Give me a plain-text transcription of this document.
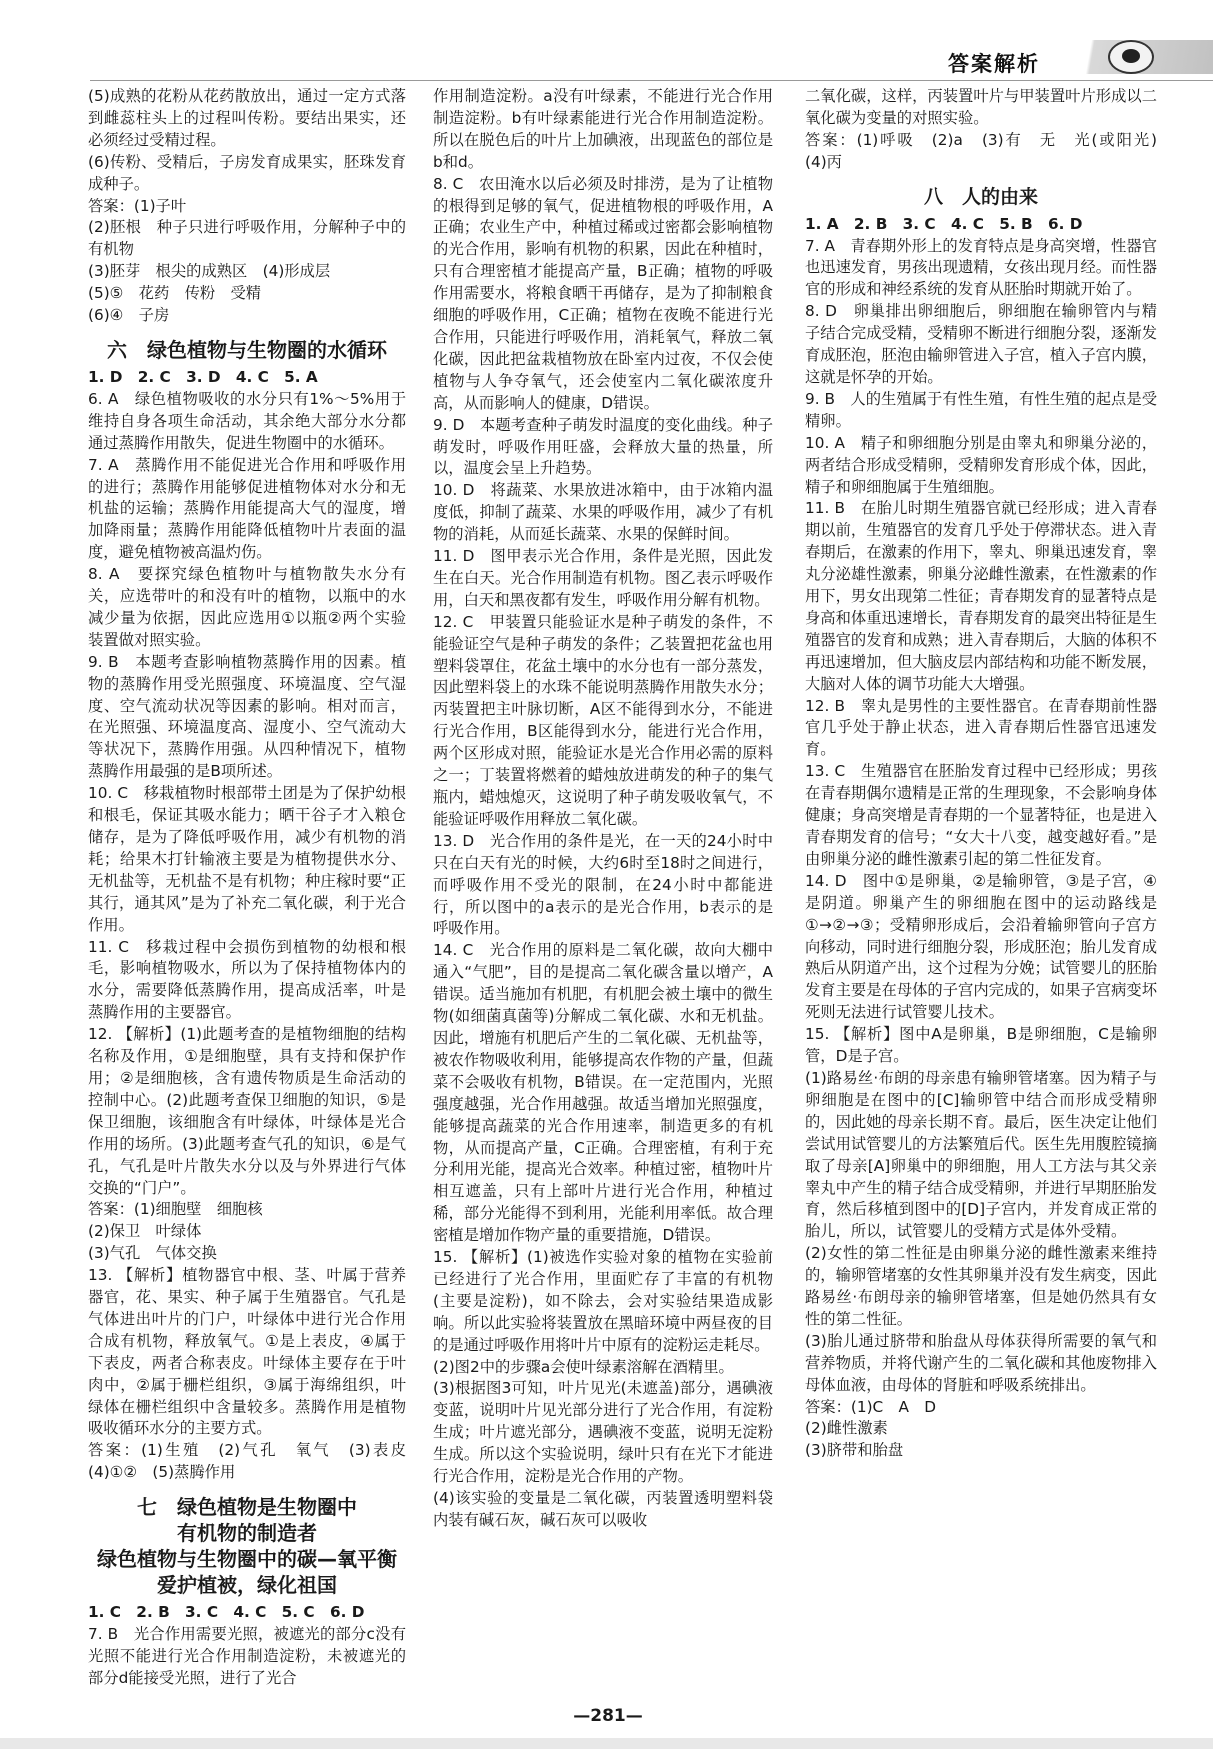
答案解析

(5)成熟的花粉从花药散放出，通过一定方式落到雌蕊柱头上的过程叫传粉。要结出果实，还必须经过受精过程。

(6)传粉、受精后，子房发育成果实，胚珠发育成种子。

答案：(1)子叶

(2)胚根　种子只进行呼吸作用，分解种子中的有机物

(3)胚芽　根尖的成熟区　(4)形成层

(5)⑤　花药　传粉　受精

(6)④　子房

六　绿色植物与生物圈的水循环

1. D　2. C　3. D　4. C　5. A

6. A　绿色植物吸收的水分只有1%～5%用于维持自身各项生命活动，其余绝大部分水分都通过蒸腾作用散失，促进生物圈中的水循环。

7. A　蒸腾作用不能促进光合作用和呼吸作用的进行；蒸腾作用能够促进植物体对水分和无机盐的运输；蒸腾作用能提高大气的湿度，增加降雨量；蒸腾作用能降低植物叶片表面的温度，避免植物被高温灼伤。

8. A　要探究绿色植物叶与植物散失水分有关，应选带叶的和没有叶的植物，以瓶中的水减少量为依据，因此应选用①以瓶②两个实验装置做对照实验。

9. B　本题考查影响植物蒸腾作用的因素。植物的蒸腾作用受光照强度、环境温度、空气湿度、空气流动状况等因素的影响。相对而言，在光照强、环境温度高、湿度小、空气流动大等状况下，蒸腾作用强。从四种情况下，植物蒸腾作用最强的是B项所述。

10. C　移栽植物时根部带土团是为了保护幼根和根毛，保证其吸水能力；晒干谷子才入粮仓储存，是为了降低呼吸作用，减少有机物的消耗；给果木打针输液主要是为植物提供水分、无机盐等，无机盐不是有机物；种庄稼时要“正其行，通其风”是为了补充二氧化碳，利于光合作用。

11. C　移栽过程中会损伤到植物的幼根和根毛，影响植物吸水，所以为了保持植物体内的水分，需要降低蒸腾作用，提高成活率，叶是蒸腾作用的主要器官。

12. 【解析】(1)此题考查的是植物细胞的结构名称及作用，①是细胞壁，具有支持和保护作用；②是细胞核，含有遗传物质是生命活动的控制中心。(2)此题考查保卫细胞的知识，⑤是保卫细胞，该细胞含有叶绿体，叶绿体是光合作用的场所。(3)此题考查气孔的知识，⑥是气孔，气孔是叶片散失水分以及与外界进行气体交换的“门户”。

答案：(1)细胞壁　细胞核

(2)保卫　叶绿体

(3)气孔　气体交换

13. 【解析】植物器官中根、茎、叶属于营养器官，花、果实、种子属于生殖器官。气孔是气体进出叶片的门户，叶绿体中进行光合作用合成有机物，释放氧气。①是上表皮，④属于下表皮，两者合称表皮。叶绿体主要存在于叶肉中，②属于栅栏组织，③属于海绵组织，叶绿体在栅栏组织中含量较多。蒸腾作用是植物吸收循环水分的主要方式。

答案：(1)生殖　(2)气孔　氧气　(3)表皮　(4)①②　(5)蒸腾作用

七　绿色植物是生物圈中
有机物的制造者
绿色植物与生物圈中的碳—氧平衡
爱护植被，绿化祖国

1. C　2. B　3. C　4. C　5. C　6. D

7. B　光合作用需要光照，被遮光的部分c没有光照不能进行光合作用制造淀粉，未被遮光的部分d能接受光照，进行了光合

作用制造淀粉。a没有叶绿素，不能进行光合作用制造淀粉。b有叶绿素能进行光合作用制造淀粉。所以在脱色后的叶片上加碘液，出现蓝色的部位是b和d。

8. C　农田淹水以后必须及时排涝，是为了让植物的根得到足够的氧气，促进植物根的呼吸作用，A正确；农业生产中，种植过稀或过密都会影响植物的光合作用，影响有机物的积累，因此在种植时，只有合理密植才能提高产量，B正确；植物的呼吸作用需要水，将粮食晒干再储存，是为了抑制粮食细胞的呼吸作用，C正确；植物在夜晚不能进行光合作用，只能进行呼吸作用，消耗氧气，释放二氧化碳，因此把盆栽植物放在卧室内过夜，不仅会使植物与人争夺氧气，还会使室内二氧化碳浓度升高，从而影响人的健康，D错误。

9. D　本题考查种子萌发时温度的变化曲线。种子萌发时，呼吸作用旺盛，会释放大量的热量，所以，温度会呈上升趋势。

10. D　将蔬菜、水果放进冰箱中，由于冰箱内温度低，抑制了蔬菜、水果的呼吸作用，减少了有机物的消耗，从而延长蔬菜、水果的保鲜时间。

11. D　图甲表示光合作用，条件是光照，因此发生在白天。光合作用制造有机物。图乙表示呼吸作用，白天和黑夜都有发生，呼吸作用分解有机物。

12. C　甲装置只能验证水是种子萌发的条件，不能验证空气是种子萌发的条件；乙装置把花盆也用塑料袋罩住，花盆土壤中的水分也有一部分蒸发，因此塑料袋上的水珠不能说明蒸腾作用散失水分；丙装置把主叶脉切断，A区不能得到水分，不能进行光合作用，B区能得到水分，能进行光合作用，两个区形成对照，能验证水是光合作用必需的原料之一；丁装置将燃着的蜡烛放进萌发的种子的集气瓶内，蜡烛熄灭，这说明了种子萌发吸收氧气，不能验证呼吸作用释放二氧化碳。

13. D　光合作用的条件是光，在一天的24小时中只在白天有光的时候，大约6时至18时之间进行，而呼吸作用不受光的限制，在24小时中都能进行，所以图中的a表示的是光合作用，b表示的是呼吸作用。

14. C　光合作用的原料是二氧化碳，故向大棚中通入“气肥”，目的是提高二氧化碳含量以增产，A错误。适当施加有机肥，有机肥会被土壤中的微生物(如细菌真菌等)分解成二氧化碳、水和无机盐。因此，增施有机肥后产生的二氧化碳、无机盐等，被农作物吸收利用，能够提高农作物的产量，但蔬菜不会吸收有机物，B错误。在一定范围内，光照强度越强，光合作用越强。故适当增加光照强度，能够提高蔬菜的光合作用速率，制造更多的有机物，从而提高产量，C正确。合理密植，有利于充分利用光能，提高光合效率。种植过密，植物叶片相互遮盖，只有上部叶片进行光合作用，种植过稀，部分光能得不到利用，光能利用率低。故合理密植是增加作物产量的重要措施，D错误。

15. 【解析】(1)被选作实验对象的植物在实验前已经进行了光合作用，里面贮存了丰富的有机物(主要是淀粉)，如不除去，会对实验结果造成影响。所以此实验将装置放在黑暗环境中两昼夜的目的是通过呼吸作用将叶片中原有的淀粉运走耗尽。

(2)图2中的步骤a会使叶绿素溶解在酒精里。

(3)根据图3可知，叶片见光(未遮盖)部分，遇碘液变蓝，说明叶片见光部分进行了光合作用，有淀粉生成；叶片遮光部分，遇碘液不变蓝，说明无淀粉生成。所以这个实验说明，绿叶只有在光下才能进行光合作用，淀粉是光合作用的产物。

(4)该实验的变量是二氧化碳，丙装置透明塑料袋内装有碱石灰，碱石灰可以吸收

二氧化碳，这样，丙装置叶片与甲装置叶片形成以二氧化碳为变量的对照实验。

答案：(1)呼吸　(2)a　(3)有　无　光(或阳光)　(4)丙

八　人的由来

1. A　2. B　3. C　4. C　5. B　6. D

7. A　青春期外形上的发育特点是身高突增，性器官也迅速发育，男孩出现遗精，女孩出现月经。而性器官的形成和神经系统的发育从胚胎时期就开始了。

8. D　卵巢排出卵细胞后，卵细胞在输卵管内与精子结合完成受精，受精卵不断进行细胞分裂，逐渐发育成胚泡，胚泡由输卵管进入子宫，植入子宫内膜，这就是怀孕的开始。

9. B　人的生殖属于有性生殖，有性生殖的起点是受精卵。

10. A　精子和卵细胞分别是由睾丸和卵巢分泌的，两者结合形成受精卵，受精卵发育形成个体，因此，精子和卵细胞属于生殖细胞。

11. B　在胎儿时期生殖器官就已经形成；进入青春期以前，生殖器官的发育几乎处于停滞状态。进入青春期后，在激素的作用下，睾丸、卵巢迅速发育，睾丸分泌雄性激素，卵巢分泌雌性激素，在性激素的作用下，男女出现第二性征；青春期发育的显著特点是身高和体重迅速增长，青春期发育的最突出特征是生殖器官的发育和成熟；进入青春期后，大脑的体积不再迅速增加，但大脑皮层内部结构和功能不断发展，大脑对人体的调节功能大大增强。

12. B　睾丸是男性的主要性器官。在青春期前性器官几乎处于静止状态，进入青春期后性器官迅速发育。

13. C　生殖器官在胚胎发育过程中已经形成；男孩在青春期偶尔遗精是正常的生理现象，不会影响身体健康；身高突增是青春期的一个显著特征，也是进入青春期发育的信号；“女大十八变，越变越好看。”是由卵巢分泌的雌性激素引起的第二性征发育。

14. D　图中①是卵巢，②是输卵管，③是子宫，④是阴道。卵巢产生的卵细胞在图中的运动路线是①→②→③；受精卵形成后，会沿着输卵管向子宫方向移动，同时进行细胞分裂，形成胚泡；胎儿发育成熟后从阴道产出，这个过程为分娩；试管婴儿的胚胎发育主要是在母体的子宫内完成的，如果子宫病变坏死则无法进行试管婴儿技术。

15. 【解析】图中A是卵巢，B是卵细胞，C是输卵管，D是子宫。

(1)路易丝·布朗的母亲患有输卵管堵塞。因为精子与卵细胞是在图中的[C]输卵管中结合而形成受精卵的，因此她的母亲长期不育。最后，医生决定让他们尝试用试管婴儿的方法繁殖后代。医生先用腹腔镜摘取了母亲[A]卵巢中的卵细胞，用人工方法与其父亲睾丸中产生的精子结合成受精卵，并进行早期胚胎发育，然后移植到图中的[D]子宫内，并发育成正常的胎儿，所以，试管婴儿的受精方式是体外受精。

(2)女性的第二性征是由卵巢分泌的雌性激素来维持的，输卵管堵塞的女性其卵巢并没有发生病变，因此路易丝·布朗母亲的输卵管堵塞，但是她仍然具有女性的第二性征。

(3)胎儿通过脐带和胎盘从母体获得所需要的氧气和营养物质，并将代谢产生的二氧化碳和其他废物排入母体血液，由母体的肾脏和呼吸系统排出。

答案：(1)C　A　D

(2)雌性激素

(3)脐带和胎盘

—281—
